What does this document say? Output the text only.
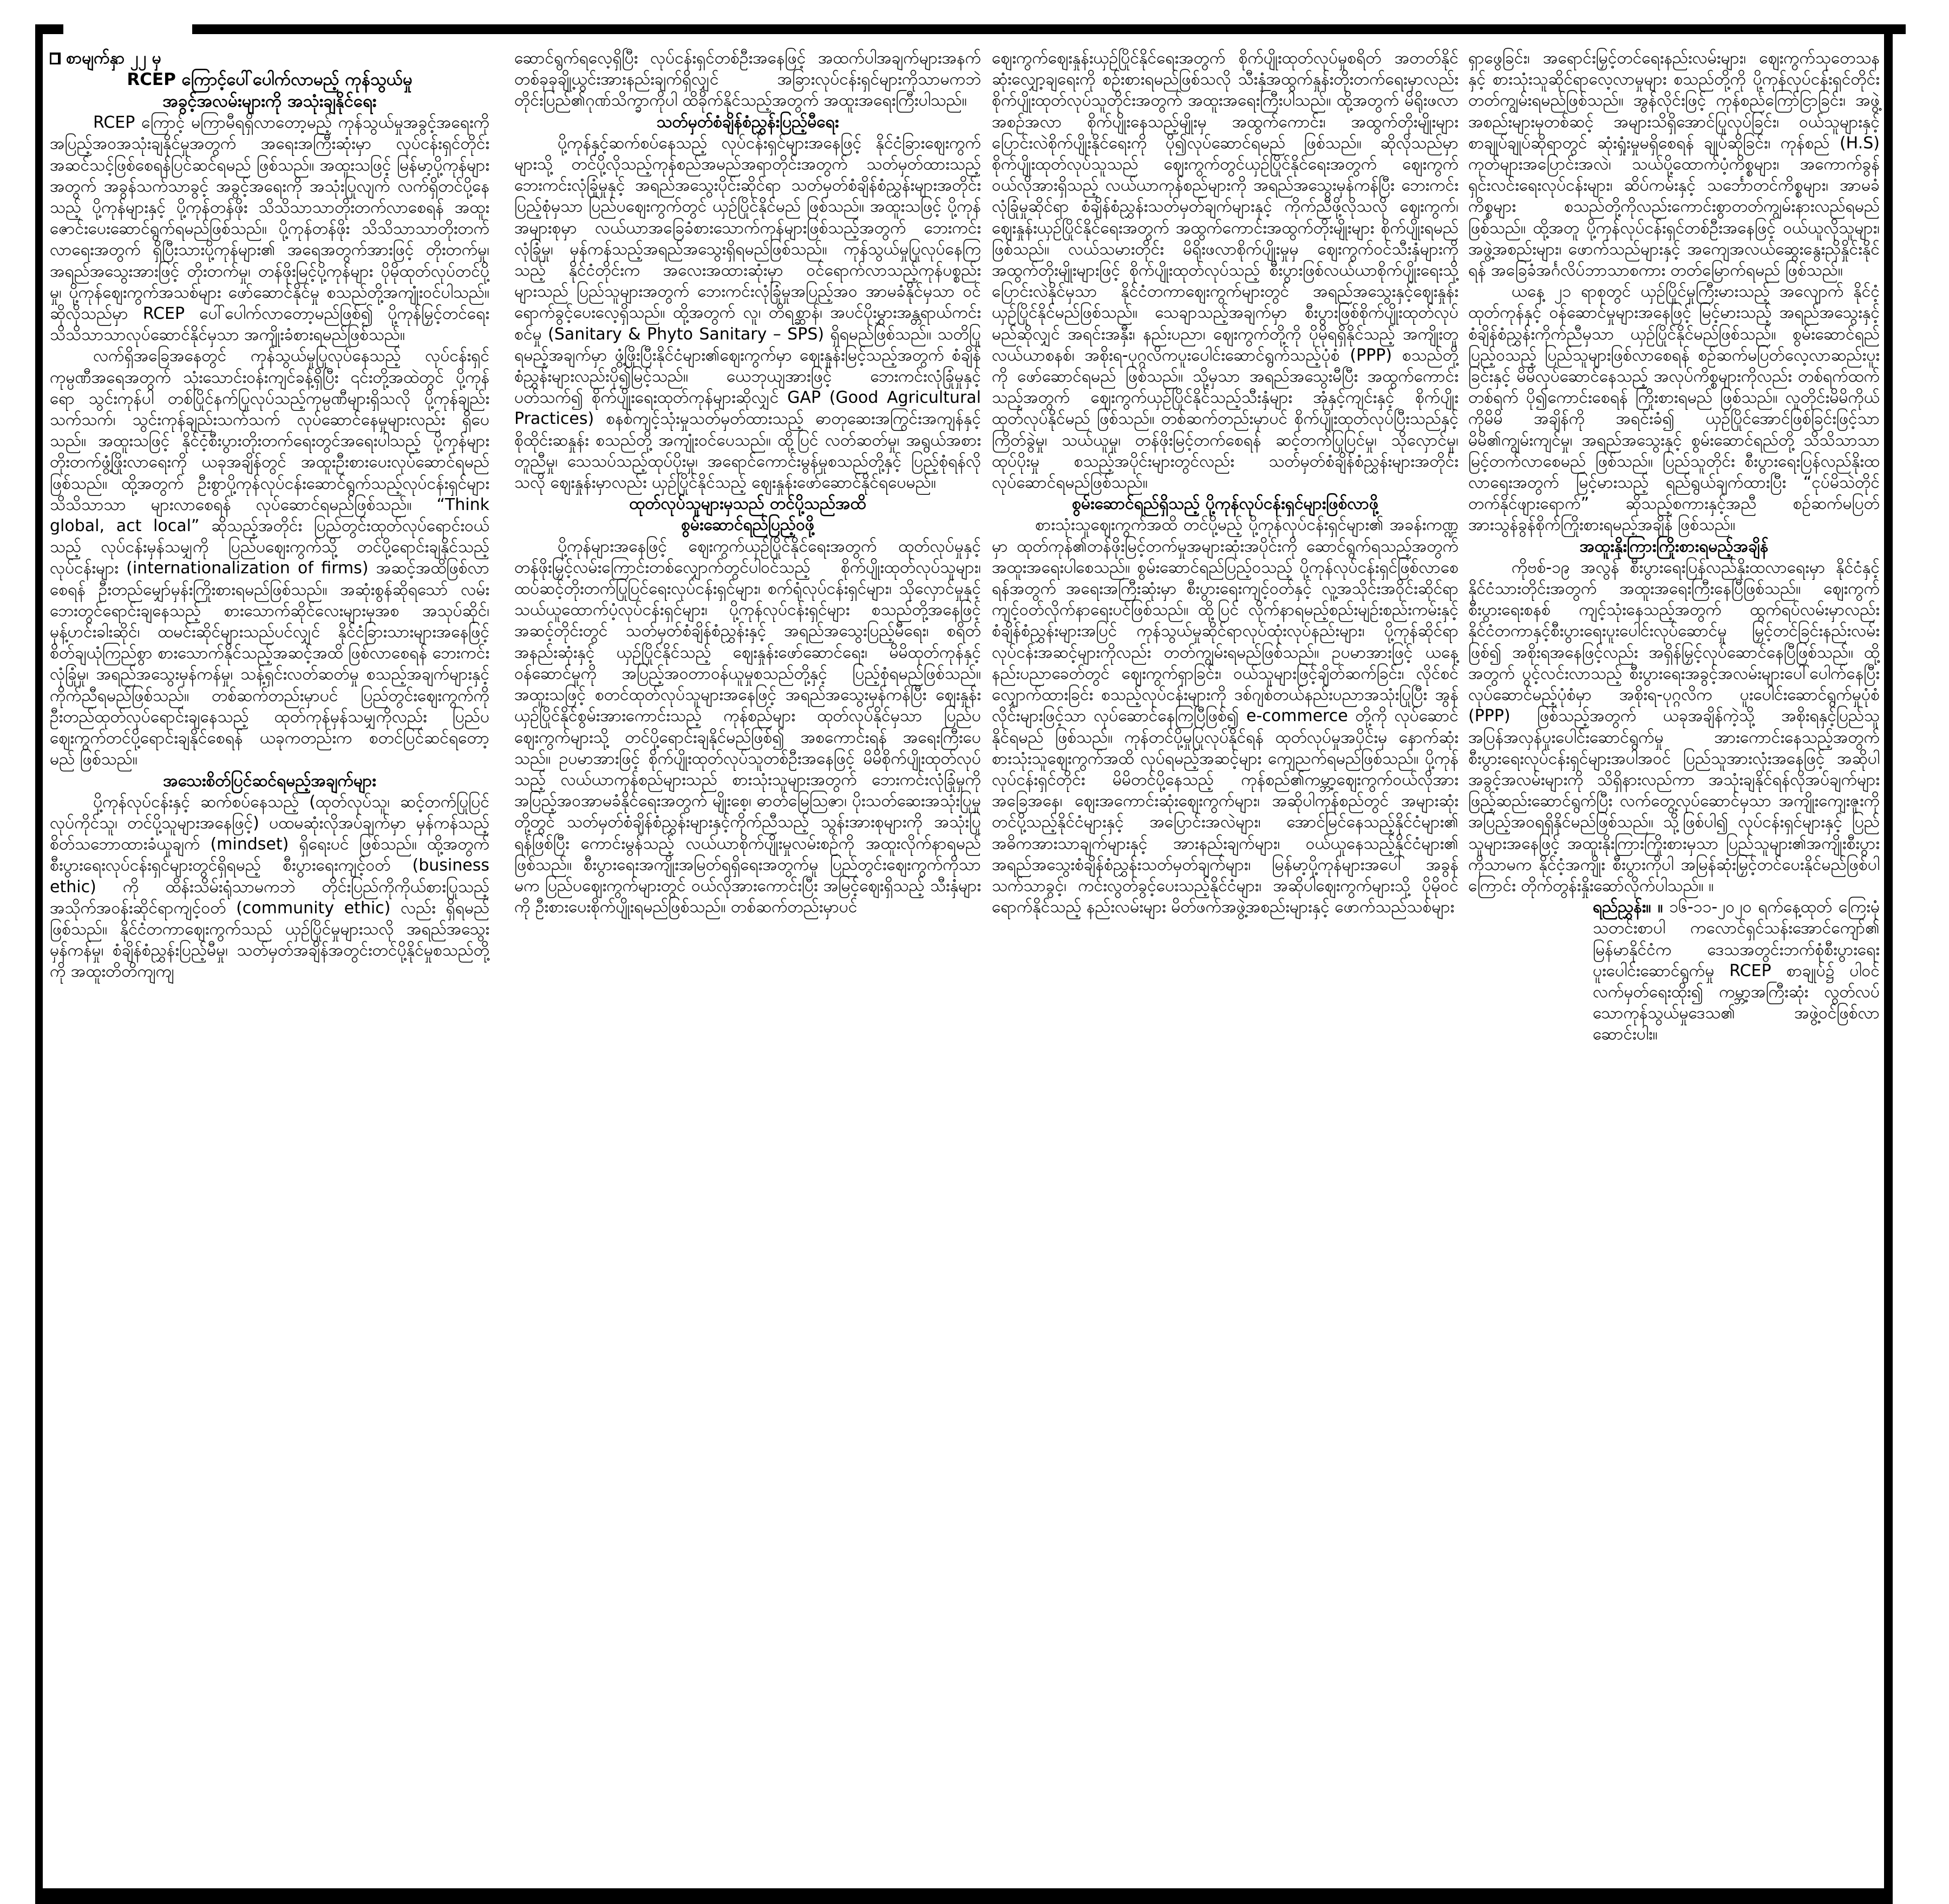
စာမျက်နှာ ၂၂ မှ

RCEP ကြောင့်ပေါ်ပေါက်လာမည့် ကုန်သွယ်မှု

အခွင့်အလမ်းများကို အသုံးချနိုင်ရေး

RCEP ကြောင့် မကြာမီရရှိလာတော့မည့် ကုန်သွယ်မှုအခွင့်အရေးကို အပြည့်အဝအသုံးချနိုင်မှုအတွက် အရေးအကြီးဆုံးမှာ လုပ်ငန်းရှင်တိုင်းအဆင်သင့်ဖြစ်စေရန်ပြင်ဆင်ရမည် ဖြစ်သည်။ အထူးသဖြင့် မြန်မာ့ပို့ကုန်များအတွက် အခွန်သက်သာခွင့် အခွင့်အရေးကို အသုံးပြုလျက် လက်ရှိတင်ပို့နေသည့် ပို့ကုန်များနှင့် ပို့ကုန်တန်ဖိုး သိသိသာသာတိုးတက်လာစေရန် အထူးဇောင်းပေးဆောင်ရွက်ရမည်ဖြစ်သည်။ ပို့ကုန်တန်ဖိုး သိသိသာသာတိုးတက်လာရေးအတွက် ရှိပြီးသားပို့ကုန်များ၏ အရေအတွက်အားဖြင့် တိုးတက်မှု၊ အရည်အသွေးအားဖြင့် တိုးတက်မှု၊ တန်ဖိုးမြင့်ပို့ကုန်များ ပိုမိုထုတ်လုပ်တင်ပို့မှု၊ ပို့ကုန်ဈေးကွက်အသစ်များ ဖော်ဆောင်နိုင်မှု စသည်တို့အကျုံးဝင်ပါသည်။ ဆိုလိုသည်မှာ RCEP ပေါ်ပေါက်လာတော့မည်ဖြစ်၍ ပို့ကုန်မြှင့်တင်ရေး သိသိသာသာလုပ်ဆောင်နိုင်မှသာ အကျိုးခံစားရမည်ဖြစ်သည်။

လက်ရှိအခြေအနေတွင် ကုန်သွယ်မှုပြုလုပ်နေသည့် လုပ်ငန်းရှင်ကုမ္ပဏီအရေအတွက် သုံးသောင်းဝန်းကျင်ခန့်ရှိပြီး ၎င်းတို့အထဲတွင် ပို့ကုန်ရော သွင်းကုန်ပါ တစ်ပြိုင်နက်ပြုလုပ်သည့်ကုမ္ပဏီများရှိသလို ပို့ကုန်ချည်းသက်သက်၊ သွင်းကုန်ချည်းသက်သက် လုပ်ဆောင်နေမှုများလည်း ရှိပေသည်။ အထူးသဖြင့် နိုင်ငံ့စီးပွားတိုးတက်ရေးတွင်အရေးပါသည့် ပို့ကုန်များ တိုးတက်ဖွံ့ဖြိုးလာရေးကို ယခုအချိန်တွင် အထူးဦးစားပေးလုပ်ဆောင်ရမည်ဖြစ်သည်။ ထို့အတွက် ဦးစွာပို့ကုန်လုပ်ငန်းဆောင်ရွက်သည့်လုပ်ငန်းရှင်များ သိသိသာသာ များလာစေရန် လုပ်ဆောင်ရမည်ဖြစ်သည်။ “Think global, act local” ဆိုသည့်အတိုင်း ပြည်တွင်းထုတ်လုပ်ရောင်းဝယ်သည့် လုပ်ငန်းမှန်သမျှကို ပြည်ပဈေးကွက်သို့ တင်ပို့ရောင်းချနိုင်သည့်လုပ်ငန်းများ (internationalization of firms) အဆင့်အထိဖြစ်လာစေရန် ဦးတည်မျှော်မှန်းကြိုးစားရမည်ဖြစ်သည်။ အဆုံးစွန်ဆိုရသော် လမ်းဘေးတွင်ရောင်းချနေသည့် စားသောက်ဆိုင်လေးများမှအစ အသုပ်ဆိုင်၊ မုန့်ဟင်းခါးဆိုင်၊ ထမင်းဆိုင်များသည်ပင်လျှင် နိုင်ငံခြားသားများအနေဖြင့် စိတ်ချယုံကြည်စွာ စားသောက်နိုင်သည့်အဆင့်အထိ ဖြစ်လာစေရန် ဘေးကင်း လုံခြုံမှု၊ အရည်အသွေးမှန်ကန်မှု၊ သန့်ရှင်းလတ်ဆတ်မှု စသည့်အချက်များနှင့် ကိုက်ညီရမည်ဖြစ်သည်။ တစ်ဆက်တည်းမှာပင် ပြည်တွင်းဈေးကွက်ကို ဦးတည်ထုတ်လုပ်ရောင်းချနေသည့် ထုတ်ကုန်မှန်သမျှကိုလည်း ပြည်ပဈေးကွက်တင်ပို့ရောင်းချနိုင်စေရန် ယခုကတည်းက စတင်ပြင်ဆင်ရတော့မည် ဖြစ်သည်။

အသေးစိတ်ပြင်ဆင်ရမည့်အချက်များ

ပို့ကုန်လုပ်ငန်းနှင့် ဆက်စပ်နေသည့် (ထုတ်လုပ်သူ၊ ဆင့်တက်ပြုပြင်လုပ်ကိုင်သူ၊ တင်ပို့သူများအနေဖြင့်) ပထမဆုံးလိုအပ်ချက်မှာ မှန်ကန်သည့်စိတ်သဘောထားခံယူချက် (mindset) ရှိရေးပင် ဖြစ်သည်။ ထို့အတွက် စီးပွားရေးလုပ်ငန်းရှင်များတွင်ရှိရမည့် စီးပွားရေးကျင့်ဝတ် (business ethic) ကို ထိန်းသိမ်းရုံသာမကဘဲ တိုင်းပြည်ကိုကိုယ်စားပြုသည့် အသိုက်အဝန်းဆိုင်ရာကျင့်ဝတ် (community ethic) လည်း ရှိရမည်ဖြစ်သည်။ နိုင်ငံတကာဈေးကွက်သည် ယှဉ်ပြိုင်မှုများသလို အရည်အသွေးမှန်ကန်မှု၊ စံချိန်စံညွှန်းပြည့်မီမှု၊ သတ်မှတ်အချိန်အတွင်းတင်ပို့နိုင်မှုစသည်တို့ကို အထူးတိတိကျကျ

ဆောင်ရွက်ရလေ့ရှိပြီး လုပ်ငန်းရှင်တစ်ဦးအနေဖြင့် အထက်ပါအချက်များအနက် တစ်ခုခုချို့ယွင်းအားနည်းချက်ရှိလျှင် အခြားလုပ်ငန်းရှင်များကိုသာမကဘဲ တိုင်းပြည်၏ဂုဏ်သိက္ခာကိုပါ ထိခိုက်နိုင်သည့်အတွက် အထူးအရေးကြီးပါသည်။

သတ်မှတ်စံချိန်စံညွှန်းပြည့်မီရေး

ပို့ကုန်နှင့်ဆက်စပ်နေသည့် လုပ်ငန်းရှင်များအနေဖြင့် နိုင်ငံခြားဈေးကွက်များသို့ တင်ပို့လိုသည့်ကုန်စည်အမည်အရာတိုင်းအတွက် သတ်မှတ်ထားသည့် ဘေးကင်းလုံခြုံမှုနှင့် အရည်အသွေးပိုင်းဆိုင်ရာ သတ်မှတ်စံချိန်စံညွှန်းများအတိုင်း ပြည့်စုံမှသာ ပြည်ပဈေးကွက်တွင် ယှဉ်ပြိုင်နိုင်မည် ဖြစ်သည်။ အထူးသဖြင့် ပို့ကုန်အများစုမှာ လယ်ယာအခြေခံစားသောက်ကုန်များဖြစ်သည့်အတွက် ဘေးကင်းလုံခြုံမှု၊ မှန်ကန်သည့်အရည်အသွေးရှိရမည်ဖြစ်သည်။ ကုန်သွယ်မှုပြုလုပ်နေကြသည့် နိုင်ငံတိုင်းက အလေးအထားဆုံးမှာ ဝင်ရောက်လာသည့်ကုန်ပစ္စည်းများသည် ပြည်သူများအတွက် ဘေးကင်းလုံခြုံမှုအပြည့်အဝ အာမခံနိုင်မှသာ ဝင်ရောက်ခွင့်ပေးလေ့ရှိသည်။ ထို့အတွက် လူ၊ တိရစ္ဆာန်၊ အပင်ပိုးမွှားအန္တရာယ်ကင်းစင်မှု (Sanitary & Phyto Sanitary – SPS) ရှိရမည်ဖြစ်သည်။ သတိပြုရမည့်အချက်မှာ ဖွံ့ဖြိုးပြီးနိုင်ငံများ၏ဈေးကွက်မှာ ဈေးနှုန်းမြင့်သည့်အတွက် စံချိန်စံညွှန်းများလည်းပို၍မြင့်သည်။ ယေဘုယျအားဖြင့် ဘေးကင်းလုံခြုံမှုနှင့်ပတ်သက်၍ စိုက်ပျိုးရေးထုတ်ကုန်များဆိုလျှင် GAP (Good Agricultural Practices) စနစ်ကျင့်သုံးမှုသတ်မှတ်ထားသည့် ဓာတုဆေးအကြွင်းအကျန်နှင့် စိုထိုင်းဆနှုန်း စသည်တို့ အကျုံးဝင်ပေသည်။ ထို့ပြင် လတ်ဆတ်မှု၊ အရွယ်အစားတူညီမှု၊ သေသပ်သည့်ထုပ်ပိုးမှု၊ အရောင်ကောင်းမွန်မှုစသည်တို့နှင့် ပြည့်စုံရန်လိုသလို ဈေးနှုန်းမှာလည်း ယှဉ်ပြိုင်နိုင်သည့် ဈေးနှုန်းဖော်ဆောင်နိုင်ရပေမည်။

ထုတ်လုပ်သူများမှသည် တင်ပို့သည်အထိ

စွမ်းဆောင်ရည်ပြည့်ဝဖို့

ပို့ကုန်များအနေဖြင့် ဈေးကွက်ယှဉ်ပြိုင်နိုင်ရေးအတွက် ထုတ်လုပ်မှုနှင့် တန်ဖိုးမြှင့်လမ်းကြောင်းတစ်လျှောက်တွင်ပါဝင်သည့် စိုက်ပျိုးထုတ်လုပ်သူများ၊ ထပ်ဆင့်တိုးတက်ပြုပြင်ရေးလုပ်ငန်းရှင်များ၊ စက်ရုံလုပ်ငန်းရှင်များ၊ သိုလှောင်မှုနှင့် သယ်ယူထောက်ပံ့လုပ်ငန်းရှင်များ၊ ပို့ကုန်လုပ်ငန်းရှင်များ စသည်တို့အနေဖြင့် အဆင့်တိုင်းတွင် သတ်မှတ်စံချိန်စံညွှန်းနှင့် အရည်အသွေးပြည့်မီရေး၊ စရိတ်အနည်းဆုံးနှင့် ယှဉ်ပြိုင်နိုင်သည့် ဈေးနှုန်းဖော်ဆောင်ရေး၊ မိမိထုတ်ကုန်နှင့်ဝန်ဆောင်မှုကို အပြည့်အဝတာဝန်ယူမှုစသည်တို့နှင့် ပြည့်စုံရမည်ဖြစ်သည်။ အထူးသဖြင့် စတင်ထုတ်လုပ်သူများအနေဖြင့် အရည်အသွေးမှန်ကန်ပြီး ဈေးနှုန်းယှဉ်ပြိုင်နိုင်စွမ်းအားကောင်းသည့် ကုန်စည်များ ထုတ်လုပ်နိုင်မှသာ ပြည်ပဈေးကွက်များသို့ တင်ပို့ရောင်းချနိုင်မည်ဖြစ်၍ အစကောင်းရန် အရေးကြီးပေသည်။ ဥပမာအားဖြင့် စိုက်ပျိုးထုတ်လုပ်သူတစ်ဦးအနေဖြင့် မိမိစိုက်ပျိုးထုတ်လုပ်သည့် လယ်ယာကုန်စည်များသည် စားသုံးသူများအတွက် ဘေးကင်းလုံခြုံမှုကို အပြည့်အဝအာမခံနိုင်ရေးအတွက် မျိုးစေ့၊ ဓာတ်မြေဩဇာ၊ ပိုးသတ်ဆေးအသုံးပြုမှုတို့တွင် သတ်မှတ်စံချိန်စံညွှန်းများနှင့်ကိုက်ညီသည့် သွန်းအားစုများကို အသုံးပြုရန်ဖြစ်ပြီး ကောင်းမွန်သည့် လယ်ယာစိုက်ပျိုးမှုလမ်းစဉ်ကို အထူးလိုက်နာရမည်ဖြစ်သည်။ စီးပွားရေးအကျိုးအမြတ်ရရှိရေးအတွက်မူ ပြည်တွင်းဈေးကွက်ကိုသာမက ပြည်ပဈေးကွက်များတွင် ဝယ်လိုအားကောင်းပြီး အမြင့်ဈေးရှိသည့် သီးနှံများကို ဦးစားပေးစိုက်ပျိုးရမည်ဖြစ်သည်။ တစ်ဆက်တည်းမှာပင်

ဈေးကွက်ဈေးနှုန်းယှဉ်ပြိုင်နိုင်ရေးအတွက် စိုက်ပျိုးထုတ်လုပ်မှုစရိတ် အတတ်နိုင်ဆုံးလျှော့ချရေးကို စဉ်းစားရမည်ဖြစ်သလို သီးနှံအထွက်နှုန်းတိုးတက်ရေးမှာလည်း စိုက်ပျိုးထုတ်လုပ်သူတိုင်းအတွက် အထူးအရေးကြီးပါသည်။ ထို့အတွက် မိရိုးဖလာအစဉ်အလာ စိုက်ပျိုးနေသည့်မျိုးမှ အထွက်ကောင်း၊ အထွက်တိုးမျိုးများ ပြောင်းလဲစိုက်ပျိုးနိုင်ရေးကို ပို၍လုပ်ဆောင်ရမည် ဖြစ်သည်။ ဆိုလိုသည်မှာ စိုက်ပျိုးထုတ်လုပ်သူသည် ဈေးကွက်တွင်ယှဉ်ပြိုင်နိုင်ရေးအတွက် ဈေးကွက်ဝယ်လိုအားရှိသည့် လယ်ယာကုန်စည်များကို အရည်အသွေးမှန်ကန်ပြီး ဘေးကင်းလုံခြုံမှုဆိုင်ရာ စံချိန်စံညွှန်းသတ်မှတ်ချက်များနှင့် ကိုက်ညီဖို့လိုသလို ဈေးကွက်၊ ဈေးနှုန်းယှဉ်ပြိုင်နိုင်ရေးအတွက် အထွက်ကောင်းအထွက်တိုးမျိုးများ စိုက်ပျိုးရမည်ဖြစ်သည်။ လယ်သမားတိုင်း မိရိုးဖလာစိုက်ပျိုးမှုမှ ဈေးကွက်ဝင်သီးနှံများကို အထွက်တိုးမျိုးများဖြင့် စိုက်ပျိုးထုတ်လုပ်သည့် စီးပွားဖြစ်လယ်ယာစိုက်ပျိုးရေးသို့ ပြောင်းလဲနိုင်မှသာ နိုင်ငံတကာဈေးကွက်များတွင် အရည်အသွေးနှင့်ဈေးနှုန်းယှဉ်ပြိုင်နိုင်မည်ဖြစ်သည်။ သေချာသည့်အချက်မှာ စီးပွားဖြစ်စိုက်ပျိုးထုတ်လုပ်မည်ဆိုလျှင် အရင်းအနှီး၊ နည်းပညာ၊ ဈေးကွက်တို့ကို ပိုမိုရရှိနိုင်သည့် အကျိုးတူလယ်ယာစနစ်၊ အစိုးရ-ပုဂ္ဂလိကပူးပေါင်းဆောင်ရွက်သည့်ပုံစံ (PPP) စသည်တို့ကို ဖော်ဆောင်ရမည် ဖြစ်သည်။ သို့မှသာ အရည်အသွေးမီပြီး အထွက်ကောင်းသည့်အတွက် ဈေးကွက်ယှဉ်ပြိုင်နိုင်သည့်သီးနှံများ အုံနှင့်ကျင်းနှင့် စိုက်ပျိုးထုတ်လုပ်နိုင်မည် ဖြစ်သည်။ တစ်ဆက်တည်းမှာပင် စိုက်ပျိုးထုတ်လုပ်ပြီးသည်နှင့် ကြိတ်ခွဲမှု၊ သယ်ယူမှု၊ တန်ဖိုးမြင့်တက်စေရန် ဆင့်တက်ပြုပြင်မှု၊ သိုလှောင်မှု၊ ထုပ်ပိုးမှု စသည့်အပိုင်းများတွင်လည်း သတ်မှတ်စံချိန်စံညွှန်းများအတိုင်း လုပ်ဆောင်ရမည်ဖြစ်သည်။

စွမ်းဆောင်ရည်ရှိသည့် ပို့ကုန်လုပ်ငန်းရှင်များဖြစ်လာဖို့

စားသုံးသူဈေးကွက်အထိ တင်ပို့မည့် ပို့ကုန်လုပ်ငန်းရှင်များ၏ အခန်းကဏ္ဍမှာ ထုတ်ကုန်၏တန်ဖိုးမြင့်တက်မှုအများဆုံးအပိုင်းကို ဆောင်ရွက်ရသည့်အတွက် အထူးအရေးပါစေသည်။ စွမ်းဆောင်ရည်ပြည့်ဝသည့် ပို့ကုန်လုပ်ငန်းရှင်ဖြစ်လာစေရန်အတွက် အရေးအကြီးဆုံးမှာ စီးပွားရေးကျင့်ဝတ်နှင့် လူ့အသိုင်းအဝိုင်းဆိုင်ရာ ကျင့်ဝတ်လိုက်နာရေးပင်ဖြစ်သည်။ ထို့ပြင် လိုက်နာရမည့်စည်းမျဉ်းစည်းကမ်းနှင့် စံချိန်စံညွှန်းများအပြင် ကုန်သွယ်မှုဆိုင်ရာလုပ်ထုံးလုပ်နည်းများ၊ ပို့ကုန်ဆိုင်ရာလုပ်ငန်းအဆင့်များကိုလည်း တတ်ကျွမ်းရမည်ဖြစ်သည်။ ဥပမာအားဖြင့် ယနေ့နည်းပညာခေတ်တွင် ဈေးကွက်ရှာခြင်း၊ ဝယ်သူများဖြင့်ချိတ်ဆက်ခြင်း၊ လိုင်စင်လျှောက်ထားခြင်း စသည့်လုပ်ငန်းများကို ဒစ်ဂျစ်တယ်နည်းပညာအသုံးပြုပြီး အွန်လိုင်းများဖြင့်သာ လုပ်ဆောင်နေကြပြီဖြစ်၍ e-commerce တို့ကို လုပ်ဆောင်နိုင်ရမည် ဖြစ်သည်။ ကုန်တင်ပို့မှုပြုလုပ်နိုင်ရန် ထုတ်လုပ်မှုအပိုင်းမှ နောက်ဆုံးစားသုံးသူဈေးကွက်အထိ လုပ်ရမည့်အဆင့်များ ကျေညက်ရမည်ဖြစ်သည်။ ပို့ကုန်လုပ်ငန်းရှင်တိုင်း မိမိတင်ပို့နေသည့် ကုန်စည်၏ကမ္ဘာ့ဈေးကွက်ဝယ်လိုအားအခြေအနေ၊ ဈေးအကောင်းဆုံးဈေးကွက်များ၊ အဆိုပါကုန်စည်တွင် အများဆုံးတင်ပို့သည့်နိုင်ငံများနှင့် အပြောင်းအလဲများ၊ အောင်မြင်နေသည့်နိုင်ငံများ၏ အဓိကအားသာချက်များနှင့် အားနည်းချက်များ၊ ဝယ်ယူနေသည့်နိုင်ငံများ၏ အရည်အသွေးစံချိန်စံညွှန်းသတ်မှတ်ချက်များ၊ မြန်မာ့ပို့ကုန်များအပေါ် အခွန်သက်သာခွင့်၊ ကင်းလွတ်ခွင့်ပေးသည့်နိုင်ငံများ၊ အဆိုပါဈေးကွက်များသို့ ပိုမိုဝင်ရောက်နိုင်သည့် နည်းလမ်းများ မိတ်ဖက်အဖွဲ့အစည်းများနှင့် ဖောက်သည်သစ်များ

ရှာဖွေခြင်း၊ အရောင်းမြှင့်တင်ရေးနည်းလမ်းများ၊ ဈေးကွက်သုတေသနနှင့် စားသုံးသူဆိုင်ရာလေ့လာမှုများ စသည်တို့ကို ပို့ကုန်လုပ်ငန်းရှင်တိုင်း တတ်ကျွမ်းရမည်ဖြစ်သည်။ အွန်လိုင်းဖြင့် ကုန်စည်ကြော်ငြာခြင်း၊ အဖွဲ့အစည်းများမှတစ်ဆင့် အများသိရှိအောင်ပြုလုပ်ခြင်း၊ ဝယ်သူများနှင့် စာချုပ်ချုပ်ဆိုရာတွင် ဆုံးရှုံးမှုမရှိစေရန် ချုပ်ဆိုခြင်း၊ ကုန်စည် (H.S) ကုတ်များအပြောင်းအလဲ၊ သယ်ပို့ထောက်ပံ့ကိစ္စများ၊ အကောက်ခွန်ရှင်းလင်းရေးလုပ်ငန်းများ၊ ဆိပ်ကမ်းနှင့် သင်္ဘောတင်ကိစ္စများ၊ အာမခံကိစ္စများ စသည်တို့ကိုလည်းကောင်းစွာတတ်ကျွမ်းနားလည်ရမည်ဖြစ်သည်။ ထို့အတူ ပို့ကုန်လုပ်ငန်းရှင်တစ်ဦးအနေဖြင့် ဝယ်ယူလိုသူများ၊ အဖွဲ့အစည်းများ၊ ဖောက်သည်များနှင့် အကျေအလယ်ဆွေးနွေးညှိနှိုင်းနိုင်ရန် အခြေခံအင်္ဂလိပ်ဘာသာစကား တတ်မြောက်ရမည် ဖြစ်သည်။

ယနေ့ ၂၁ ရာစုတွင် ယှဉ်ပြိုင်မှုကြီးမားသည့် အလျောက် နိုင်ငံ့ထုတ်ကုန်နှင့် ဝန်ဆောင်မှုများအနေဖြင့် မြင့်မားသည့် အရည်အသွေးနှင့် စံချိန်စံညွှန်းကိုက်ညီမှသာ ယှဉ်ပြိုင်နိုင်မည်ဖြစ်သည်။ စွမ်းဆောင်ရည်ပြည့်ဝသည့် ပြည်သူများဖြစ်လာစေရန် စဉ်ဆက်မပြတ်လေ့လာဆည်းပူးခြင်းနှင့် မိမိလုပ်ဆောင်နေသည့် အလုပ်ကိစ္စများကိုလည်း တစ်ရက်ထက်တစ်ရက် ပို၍ကောင်းစေရန် ကြိုးစားရမည် ဖြစ်သည်။ လူတိုင်းမိမိကိုယ်ကိုမိမိ အချိန်ကို အရင်းခံ၍ ယှဉ်ပြိုင်အောင်ဖြစ်ခြင်းဖြင့်သာ မိမိ၏ကျွမ်းကျင်မှု၊ အရည်အသွေးနှင့် စွမ်းဆောင်ရည်တို့ သိသိသာသာမြင့်တက်လာစေမည် ဖြစ်သည်။ ပြည်သူတိုင်း စီးပွားရေးပြန်လည်နိုးထလာရေးအတွက် မြင့်မားသည့် ရည်ရွယ်ချက်ထားပြီး “ငုပ်မိသဲတိုင် တက်နိုင်ဖျားရောက်” ဆိုသည့်စကားနှင့်အညီ စဉ်ဆက်မပြတ်အားသွန်ခွန်စိုက်ကြိုးစားရမည့်အချိန် ဖြစ်သည်။

အထူးနိုးကြားကြိုးစားရမည့်အချိန်

ကိုဗစ်-၁၉ အလွန် စီးပွားရေးပြန်လည်နိုးထလာရေးမှာ နိုင်ငံနှင့် နိုင်ငံသားတိုင်းအတွက် အထူးအရေးကြီးနေပြီဖြစ်သည်။ ဈေးကွက်စီးပွားရေးစနစ် ကျင့်သုံးနေသည့်အတွက် ထွက်ရပ်လမ်းမှာလည်း နိုင်ငံတကာနှင့်စီးပွားရေးပူးပေါင်းလုပ်ဆောင်မှု မြှင့်တင်ခြင်းနည်းလမ်းဖြစ်၍ အစိုးရအနေဖြင့်လည်း အရှိန်မြှင့်လုပ်ဆောင်နေပြီဖြစ်သည်။ ထို့အတွက် ပွင့်လင်းလာသည့် စီးပွားရေးအခွင့်အလမ်းများပေါ်ပေါက်နေပြီး လုပ်ဆောင်မည့်ပုံစံမှာ အစိုးရ-ပုဂ္ဂလိက ပူးပေါင်းဆောင်ရွက်မှုပုံစံ (PPP) ဖြစ်သည့်အတွက် ယခုအချိန်ကဲ့သို့ အစိုးရနှင့်ပြည်သူ အပြန်အလှန်ပူးပေါင်းဆောင်ရွက်မှု အားကောင်းနေသည့်အတွက် စီးပွားရေးလုပ်ငန်းရှင်များအပါအဝင် ပြည်သူအားလုံးအနေဖြင့် အဆိုပါအခွင့်အလမ်းများကို သိရှိနားလည်ကာ အသုံးချနိုင်ရန်လိုအပ်ချက်များ ဖြည့်ဆည်းဆောင်ရွက်ပြီး လက်တွေ့လုပ်ဆောင်မှသာ အကျိုးကျေးဇူးကို အပြည့်အဝရရှိနိုင်မည်ဖြစ်သည်။ သို့ဖြစ်ပါ၍ လုပ်ငန်းရှင်များနှင့် ပြည်သူများအနေဖြင့် အထူးနိုးကြားကြိုးစားမှသာ ပြည်သူများ၏အကျိုးစီးပွားကိုသာမက နိုင်ငံ့အကျိုး စီးပွားကိုပါ အမြန်ဆုံးမြှင့်တင်ပေးနိုင်မည်ဖြစ်ပါကြောင်း တိုက်တွန်းနှိုးဆော်လိုက်ပါသည်။ ။

ရည်ညွှန်း။ ။ ၁၆-၁၁-၂၀၂၀ ရက်နေ့ထုတ် ကြေးမုံသတင်းစာပါ ကလောင်ရှင်သန်းအောင်ကျော်၏ မြန်မာနိုင်ငံက ဒေသအတွင်းဘက်စုံစီးပွားရေး ပူးပေါင်းဆောင်ရွက်မှု RCEP စာချုပ်၌ ပါဝင်လက်မှတ်ရေးထိုး၍ ကမ္ဘာ့အကြီးဆုံး လွတ်လပ်သောကုန်သွယ်မှုဒေသ၏ အဖွဲ့ဝင်ဖြစ်လာဆောင်းပါး။
